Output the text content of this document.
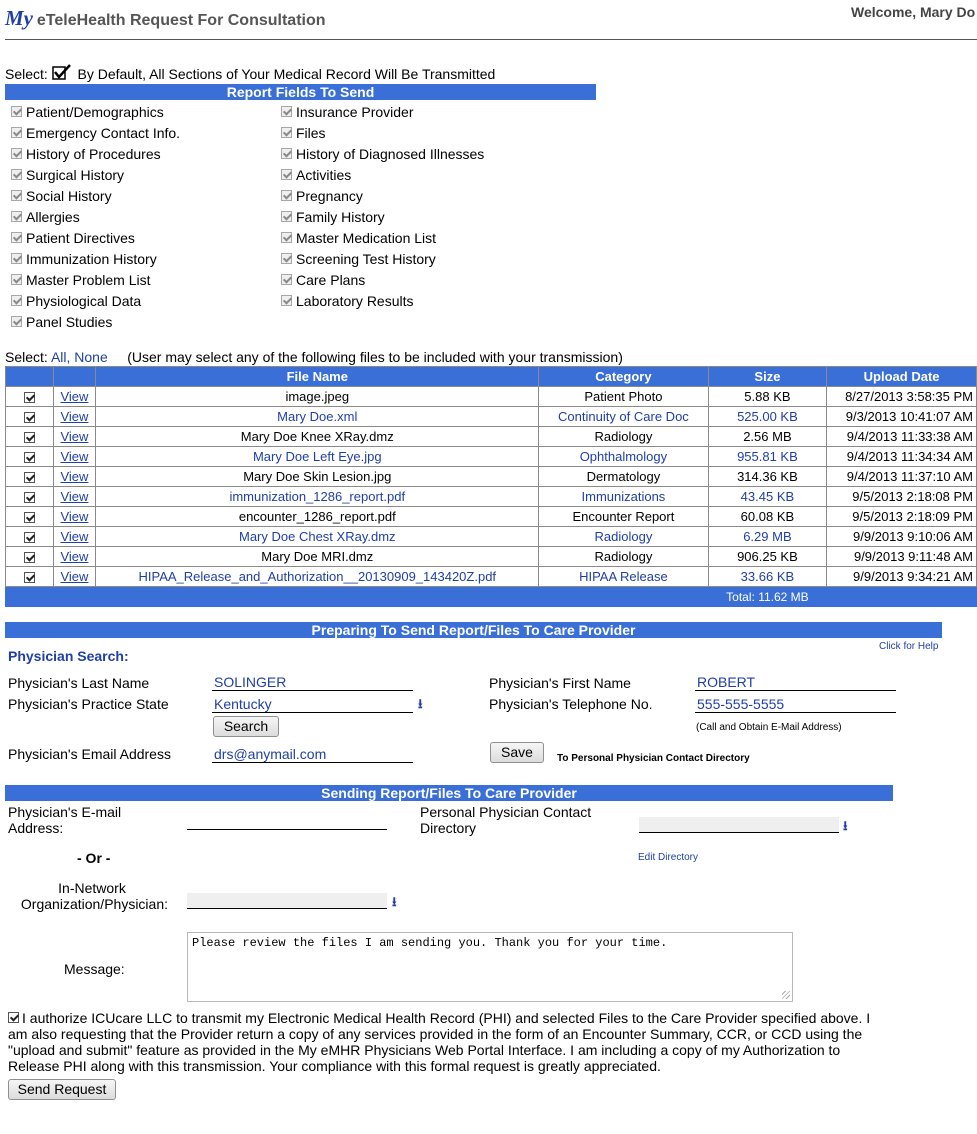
My eTeleHealth Request For Consultation	Welcome, Mary Do
Select: By Default, All Sections of Your Medical Record Will Be Transmitted
Report Fields To Send
Patient/Demographics
Emergency Contact Info.
History of Procedures
Surgical History
Social History
Allergies
Patient Directives
Immunization History
Master Problem List
Physiological Data
Panel Studies
Insurance Provider
Files
History of Diagnosed Illnesses
Activities
Pregnancy
Family History
Master Medication List
Screening Test History
Care Plans
Laboratory Results
Select: All, None (User may select any of the following files to be included with your transmission)
		File Name	Category	Size	Upload Date
	View	image.jpeg	Patient Photo	5.88 KB	8/27/2013 3:58:35 PM
	View	Mary Doe.xml	Continuity of Care Doc	525.00 KB	9/3/2013 10:41:07 AM
	View	Mary Doe Knee XRay.dmz	Radiology	2.56 MB	9/4/2013 11:33:38 AM
	View	Mary Doe Left Eye.jpg	Ophthalmology	955.81 KB	9/4/2013 11:34:34 AM
	View	Mary Doe Skin Lesion.jpg	Dermatology	314.36 KB	9/4/2013 11:37:10 AM
	View	immunization_1286_report.pdf	Immunizations	43.45 KB	9/5/2013 2:18:08 PM
	View	encounter_1286_report.pdf	Encounter Report	60.08 KB	9/5/2013 2:18:09 PM
	View	Mary Doe Chest XRay.dmz	Radiology	6.29 MB	9/9/2013 9:10:06 AM
	View	Mary Doe MRI.dmz	Radiology	906.25 KB	9/9/2013 9:11:48 AM
	View	HIPAA_Release_and_Authorization__20130909_143420Z.pdf	HIPAA Release	33.66 KB	9/9/2013 9:34:21 AM
				Total: 11.62 MB	
Preparing To Send Report/Files To Care Provider
Physician Search:
Click for Help
Physician's Last Name	SOLINGER	Physician's First Name	ROBERT
Physician's Practice State	Kentucky	⭳	Physician's Telephone No.	555-555-5555
(Call and Obtain E-Mail Address)
Search
Physician's Email Address	drs@anymail.com	Save	To Personal Physician Contact Directory
Sending Report/Files To Care Provider
Physician's E-mail
Address:
Personal Physician Contact
Directory	⭳
- Or -	Edit Directory
In-Network
Organization/Physician:	⭳
Message:
Please review the files I am sending you. Thank you for your time.
I authorize ICUcare LLC to transmit my Electronic Medical Health Record (PHI) and selected Files to the Care Provider specified above. I am also requesting that the Provider return a copy of any services provided in the form of an Encounter Summary, CCR, or CCD using the "upload and submit" feature as provided in the My eMHR Physicians Web Portal Interface. I am including a copy of my Authorization to Release PHI along with this transmission. Your compliance with this formal request is greatly appreciated.
Send Request
